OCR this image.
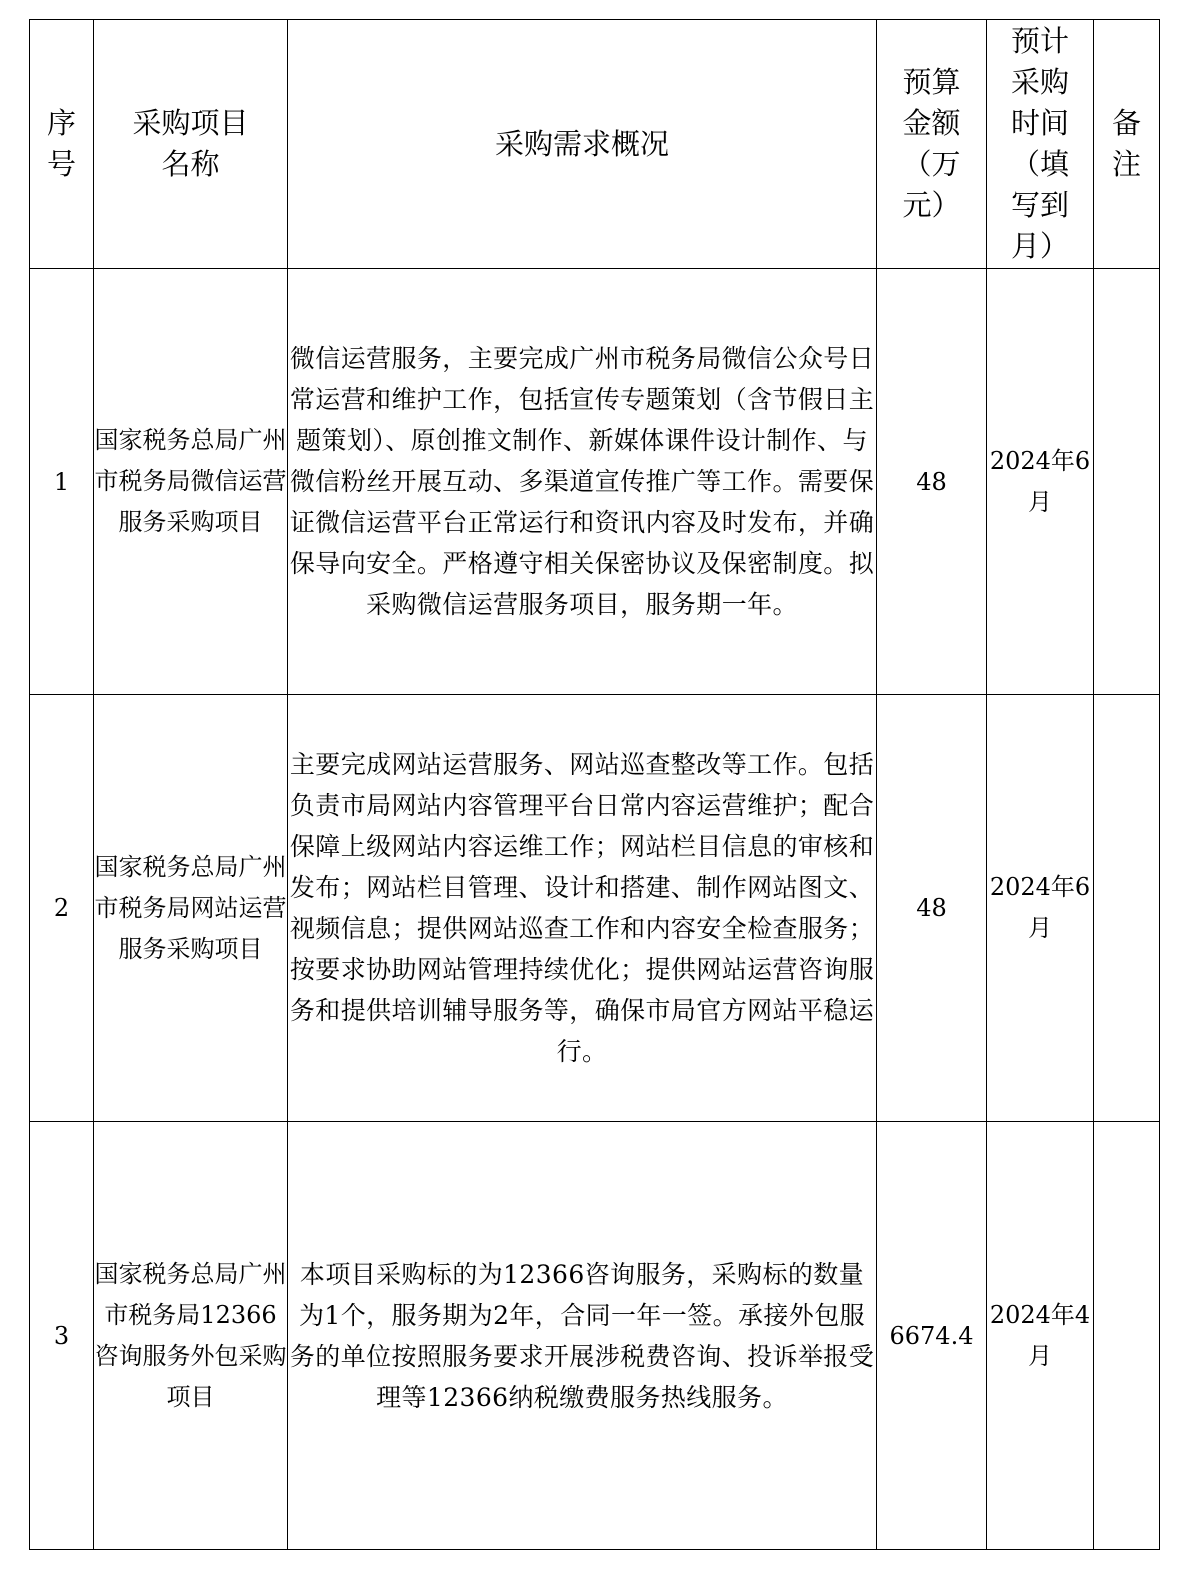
序号	采购项目名称	采购需求概况	预算金额（万元）	预计采购时间（填写到月）	备注
1	国家税务总局广州市税务局微信运营服务采购项目	微信运营服务，主要完成广州市税务局微信公众号日常运营和维护工作，包括宣传专题策划（含节假日主题策划）、原创推文制作、新媒体课件设计制作、与微信粉丝开展互动、多渠道宣传推广等工作。需要保证微信运营平台正常运行和资讯内容及时发布，并确保导向安全。严格遵守相关保密协议及保密制度。拟采购微信运营服务项目，服务期一年。	48	2024年6月	
2	国家税务总局广州市税务局网站运营服务采购项目	主要完成网站运营服务、网站巡查整改等工作。包括负责市局网站内容管理平台日常内容运营维护；配合保障上级网站内容运维工作；网站栏目信息的审核和发布；网站栏目管理、设计和搭建、制作网站图文、视频信息；提供网站巡查工作和内容安全检查服务；按要求协助网站管理持续优化；提供网站运营咨询服务和提供培训辅导服务等，确保市局官方网站平稳运行。	48	2024年6月	
3	国家税务总局广州市税务局12366咨询服务外包采购项目	本项目采购标的为12366咨询服务，采购标的数量为1个，服务期为2年，合同一年一签。承接外包服务的单位按照服务要求开展涉税费咨询、投诉举报受理等12366纳税缴费服务热线服务。	6674.4	2024年4月	
